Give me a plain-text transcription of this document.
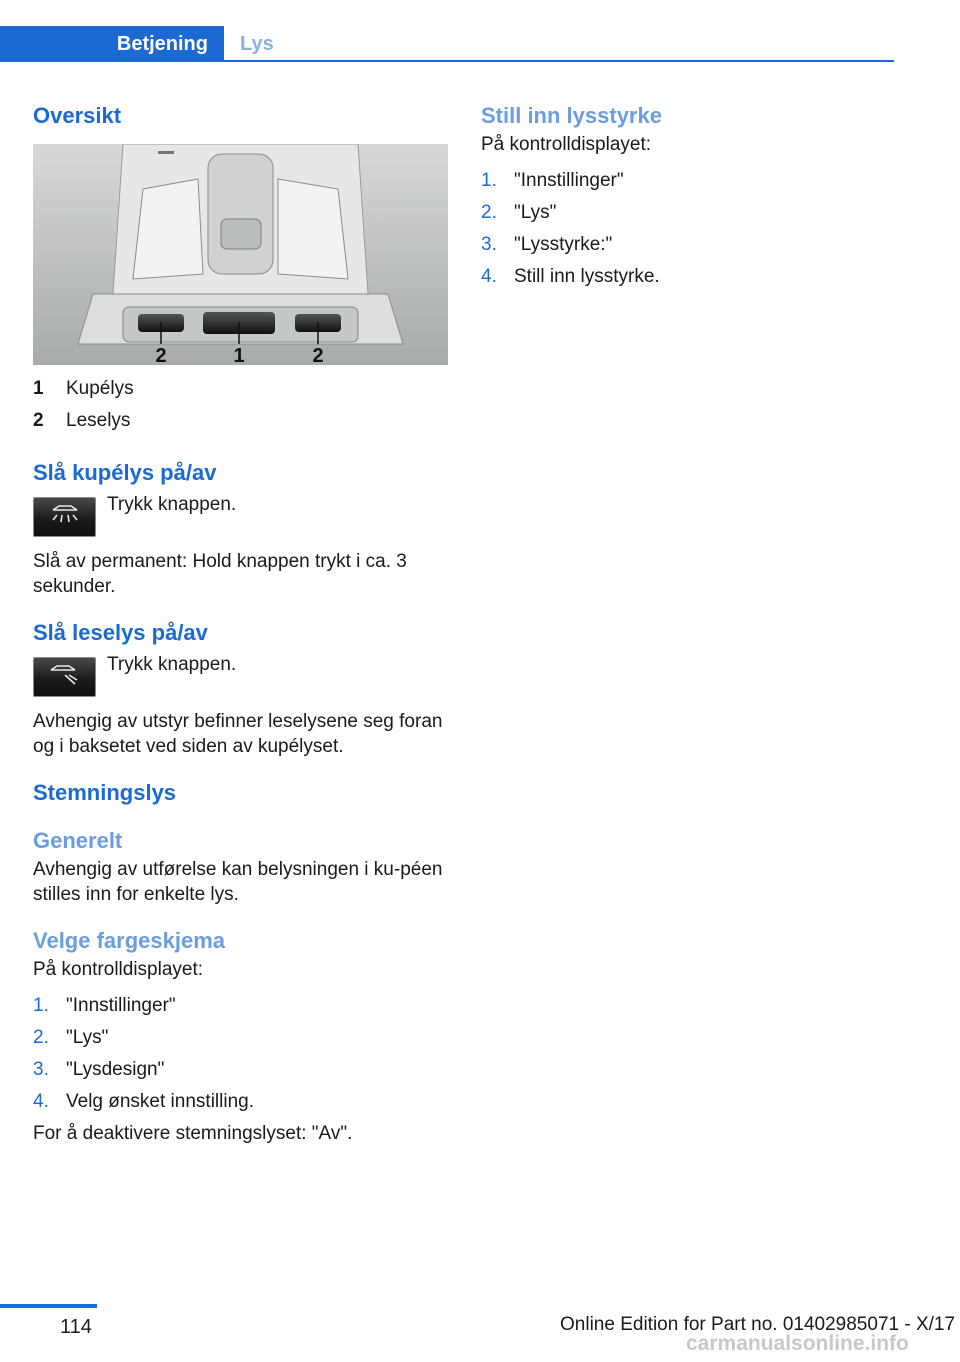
Betjening	Lys
Oversikt
2	1	2
1	Kupélys
2	Leselys
Slå kupélys på/av

Trykk knappen.

Slå av permanent: Hold knappen trykt i ca. 3 sekunder.

Slå leselys på/av

Trykk knappen.

Avhengig av utstyr befinner leselysene seg foran og i baksetet ved siden av kupélyset.

Stemningslys
Generelt

Avhengig av utførelse kan belysningen i ku-péen stilles inn for enkelte lys.

Velge fargeskjema

På kontrolldisplayet:

1. "Innstillinger"
2. "Lys"
3. "Lysdesign"
4. Velg ønsket innstilling.

For å deaktivere stemningslyset: "Av".

Still inn lysstyrke

På kontrolldisplayet:

1. "Innstillinger"
2. "Lys"
3. "Lysstyrke:"
4. Still inn lysstyrke.
114	Online Edition for Part no. 01402985071 - X/17
carmanualsonline.info
